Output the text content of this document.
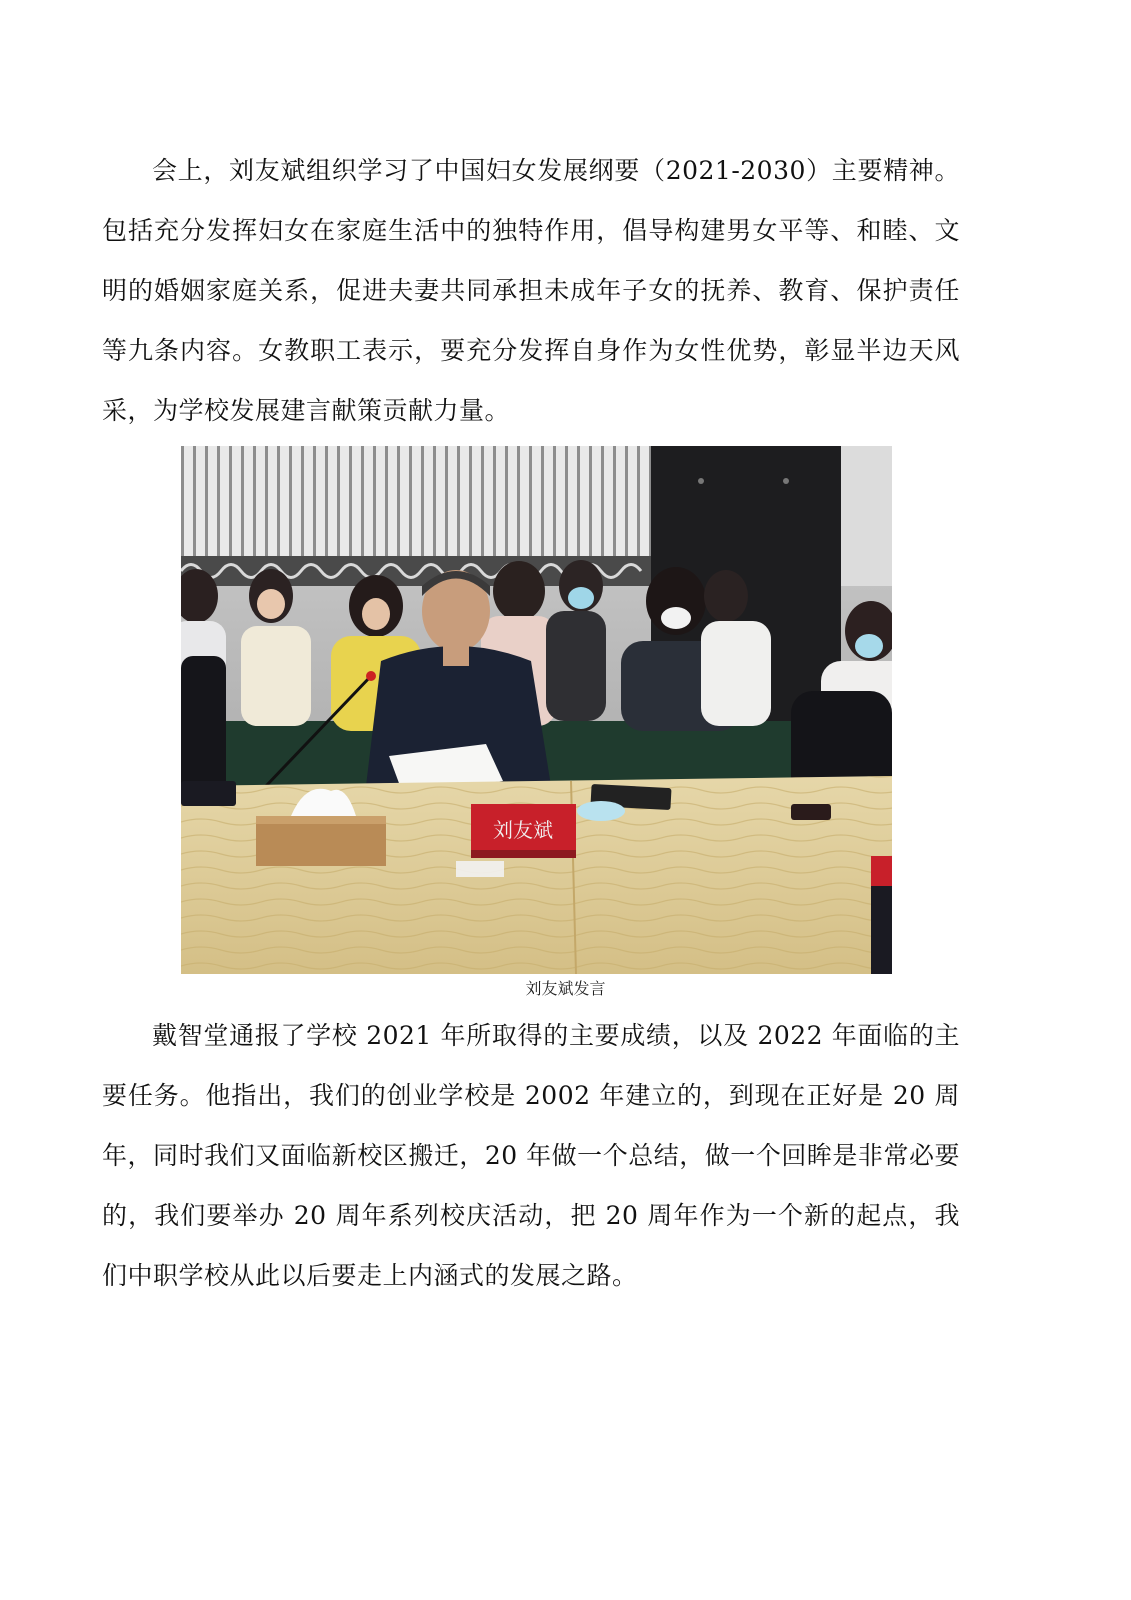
会上，刘友斌组织学习了中国妇女发展纲要（2021-2030）主要精神。包括充分发挥妇女在家庭生活中的独特作用，倡导构建男女平等、和睦、文明的婚姻家庭关系，促进夫妻共同承担未成年子女的抚养、教育、保护责任等九条内容。女教职工表示，要充分发挥自身作为女性优势，彰显半边天风采，为学校发展建言献策贡献力量。

刘友斌
刘友斌发言

戴智堂通报了学校 2021 年所取得的主要成绩，以及 2022 年面临的主要任务。他指出，我们的创业学校是 2002 年建立的，到现在正好是 20 周年，同时我们又面临新校区搬迁，20 年做一个总结，做一个回眸是非常必要的，我们要举办 20 周年系列校庆活动，把 20 周年作为一个新的起点，我们中职学校从此以后要走上内涵式的发展之路。
